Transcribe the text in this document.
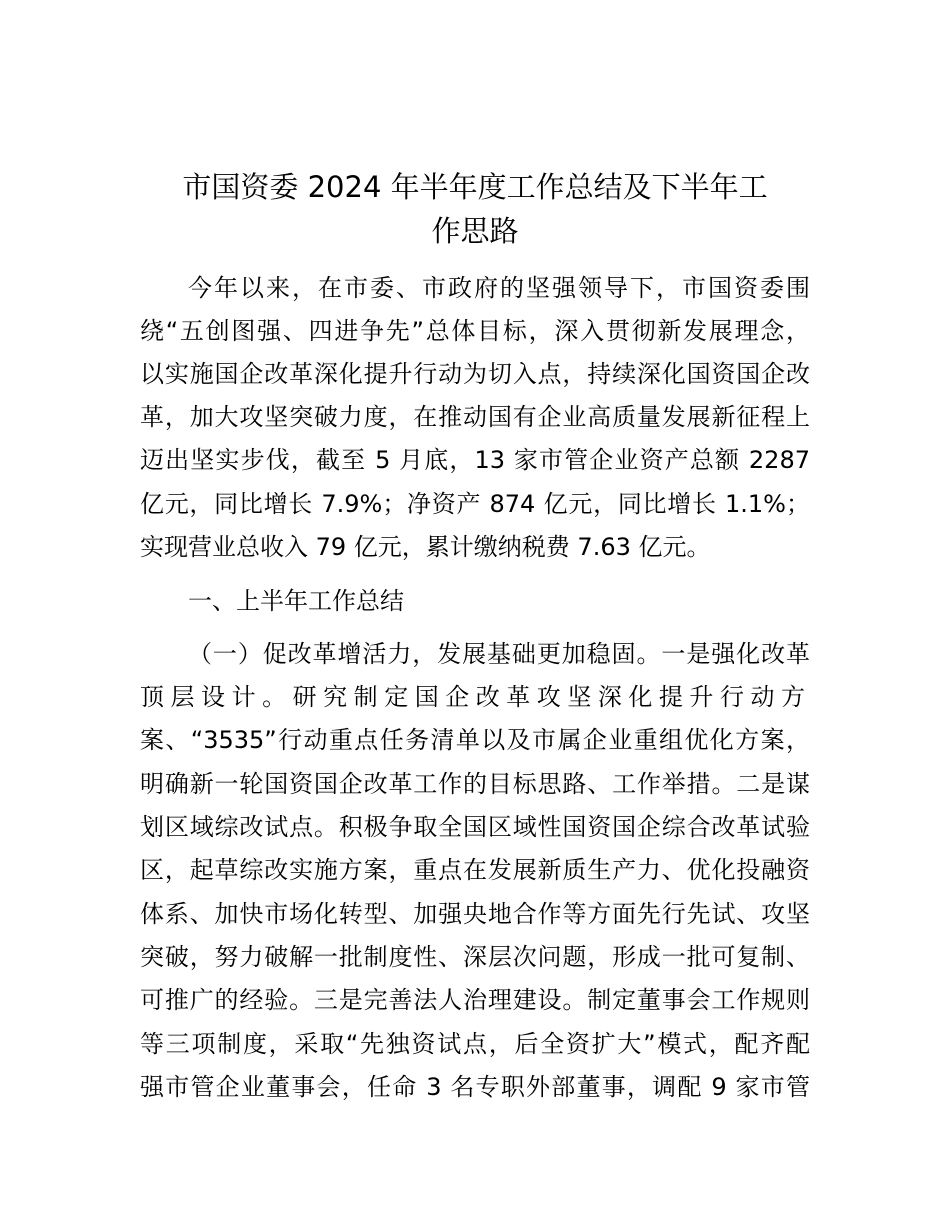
市国资委 2024 年半年度工作总结及下半年工
作思路
今年以来，在市委、市政府的坚强领导下，市国资委围
绕“五创图强、四进争先”总体目标，深入贯彻新发展理念，
以实施国企改革深化提升行动为切入点，持续深化国资国企改
革，加大攻坚突破力度，在推动国有企业高质量发展新征程上
迈出坚实步伐，截至 5 月底，13 家市管企业资产总额 2287
亿元，同比增长 7.9%；净资产 874 亿元，同比增长 1.1%；
实现营业总收入 79 亿元，累计缴纳税费 7.63 亿元。
一、上半年工作总结
（一）促改革增活力，发展基础更加稳固。一是强化改革
顶层设计。研究制定国企改革攻坚深化提升行动方
案、“3535”行动重点任务清单以及市属企业重组优化方案，
明确新一轮国资国企改革工作的目标思路、工作举措。二是谋
划区域综改试点。积极争取全国区域性国资国企综合改革试验
区，起草综改实施方案，重点在发展新质生产力、优化投融资
体系、加快市场化转型、加强央地合作等方面先行先试、攻坚
突破，努力破解一批制度性、深层次问题，形成一批可复制、
可推广的经验。三是完善法人治理建设。制定董事会工作规则
等三项制度，采取“先独资试点，后全资扩大”模式，配齐配
强市管企业董事会，任命 3 名专职外部董事，调配 9 家市管
